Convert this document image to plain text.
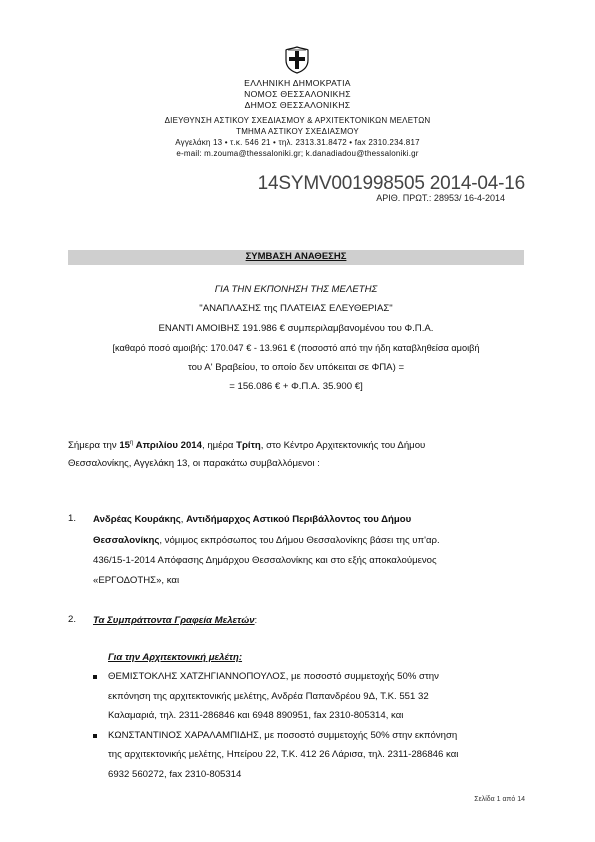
ΕΛΛΗΝΙΚΗ ΔΗΜΟΚΡΑΤΙΑ
ΝΟΜΟΣ ΘΕΣΣΑΛΟΝΙΚΗΣ
ΔΗΜΟΣ ΘΕΣΣΑΛΟΝΙΚΗΣ
ΔΙΕΥΘΥΝΣΗ ΑΣΤΙΚΟΥ ΣΧΕΔΙΑΣΜΟΥ & ΑΡΧΙΤΕΚΤΟΝΙΚΩΝ ΜΕΛΕΤΩΝ
ΤΜΗΜΑ ΑΣΤΙΚΟΥ ΣΧΕΔΙΑΣΜΟΥ
Αγγελάκη 13 • τ.κ. 546 21 • τηλ. 2313.31.8472 • fax 2310.234.817
e-mail: m.zouma@thessaloniki.gr; k.danadiadou@thessaloniki.gr
14SYMV001998505 2014-04-16
ΑΡΙΘ. ΠΡΩΤ.: 28953/ 16-4-2014
ΣΥΜΒΑΣΗ ΑΝΑΘΕΣΗΣ
ΓΙΑ ΤΗΝ ΕΚΠΟΝΗΣΗ ΤΗΣ ΜΕΛΕΤΗΣ
"ΑΝΑΠΛΑΣΗΣ της ΠΛΑΤΕΙΑΣ ΕΛΕΥΘΕΡΙΑΣ"
ΕΝΑΝΤΙ ΑΜΟΙΒΗΣ 191.986 € συμπεριλαμβανομένου του Φ.Π.Α.
[καθαρό ποσό αμοιβής: 170.047 € - 13.961 € (ποσοστό από την ήδη καταβληθείσα αμοιβή
του Α' Βραβείου, το οποίο δεν υπόκειται σε ΦΠΑ) =
= 156.086 € + Φ.Π.Α. 35.900 €]
Σήμερα την $15^\eta$ Απριλίου 2014, ημέρα Τρίτη, στο Κέντρο Αρχιτεκτονικής του Δήμου
Θεσσαλονίκης, Αγγελάκη 13, οι παρακάτω συμβαλλόμενοι :
1. Ανδρέας Κουράκης, Αντιδήμαρχος Αστικού Περιβάλλοντος του Δήμου
Θεσσαλονίκης, νόμιμος εκπρόσωπος του Δήμου Θεσσαλονίκης βάσει της υπ'αρ.
436/15-1-2014 Απόφασης Δημάρχου Θεσσαλονίκης και στο εξής αποκαλούμενος
«ΕΡΓΟΔΟΤΗΣ», και
2. Τα Συμπράττοντα Γραφεία Μελετών:
Για την Αρχιτεκτονική μελέτη:
ΘΕΜΙΣΤΟΚΛΗΣ ΧΑΤΖΗΓΙΑΝΝΟΠΟΥΛΟΣ, με ποσοστό συμμετοχής 50% στην
εκπόνηση της αρχιτεκτονικής μελέτης, Ανδρέα Παπανδρέου 9Δ, Τ.Κ. 551 32
Καλαμαριά, τηλ. 2311-286846 και 6948 890951, fax 2310-805314, και
ΚΩΝΣΤΑΝΤΙΝΟΣ ΧΑΡΑΛΑΜΠΙΔΗΣ, με ποσοστό συμμετοχής 50% στην εκπόνηση
της αρχιτεκτονικής μελέτης, Ηπείρου 22, Τ.Κ. 412 26 Λάρισα, τηλ. 2311-286846 και
6932 560272, fax 2310-805314
Σελίδα 1 από 14
